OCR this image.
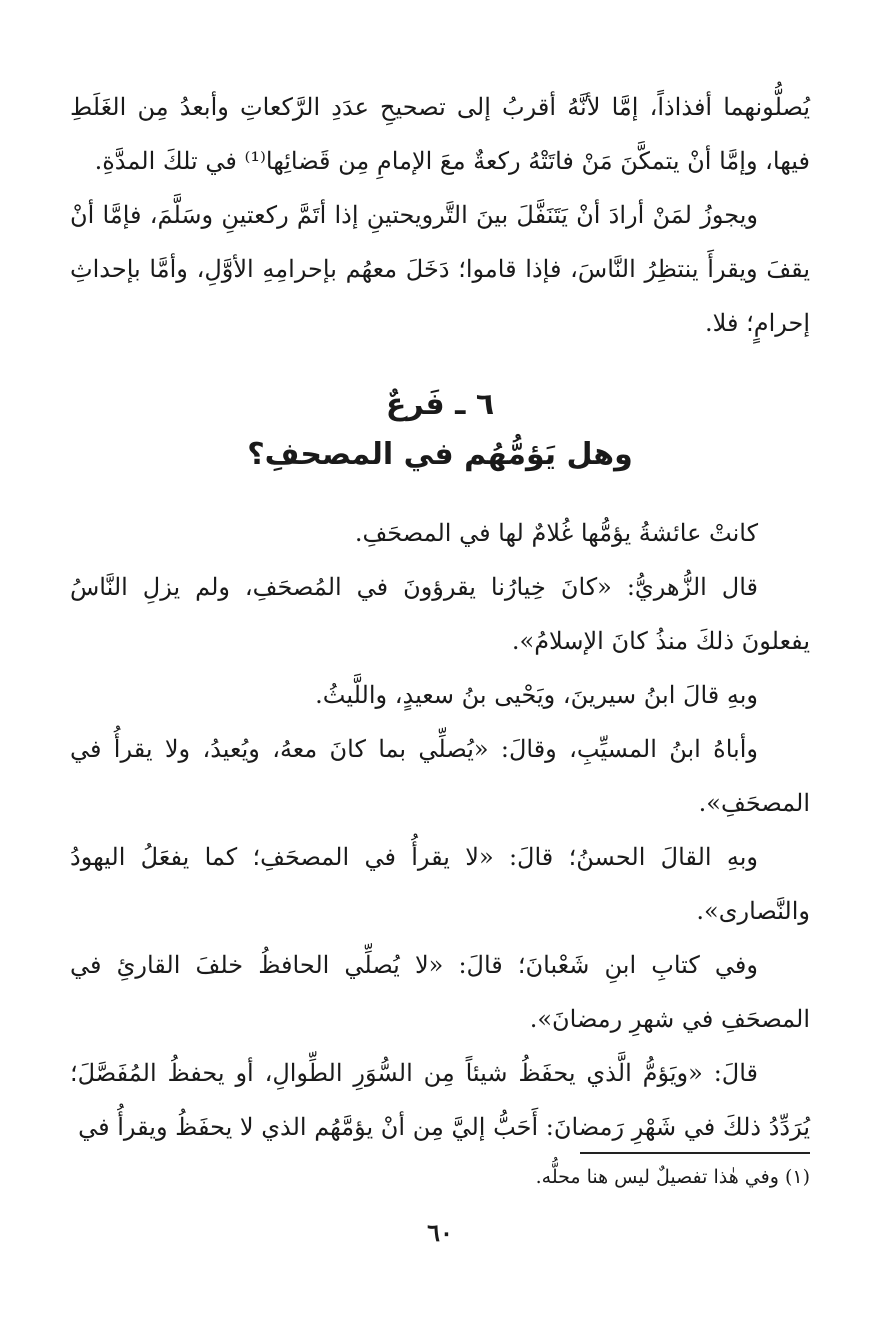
يُصلُّونهما أفذاذاً، إمَّا لأنَّهُ أقربُ إلى تصحيحِ عدَدِ الرَّكعاتِ وأبعدُ مِن الغَلَطِ فيها، وإمَّا أنْ يتمكَّنَ مَنْ فاتَتْهُ ركعةٌ معَ الإمامِ مِن قَضائِها⁽¹⁾ في تلكَ المدَّةِ.

ويجوزُ لمَنْ أرادَ أنْ يَتَنَفَّلَ بينَ التَّرويحتينِ إذا أتَمَّ ركعتينِ وسَلَّمَ، فإمَّا أنْ يقفَ ويقرأَ ينتظِرُ النَّاسَ، فإذا قاموا؛ دَخَلَ معهُم بإحرامِهِ الأوَّلِ، وأمَّا بإحداثِ إحرامٍ؛ فلا.

٦ ـ فَرعٌ
وهل يَؤمُّهُم في المصحفِ؟

كانتْ عائشةُ يؤمُّها غُلامٌ لها في المصحَفِ.

قال الزُّهريُّ: «كانَ خِيارُنا يقرؤونَ في المُصحَفِ، ولم يزلِ النَّاسُ يفعلونَ ذلكَ منذُ كانَ الإسلامُ».

وبهِ قالَ ابنُ سيرينَ، ويَحْيى بنُ سعيدٍ، واللَّيثُ.

وأباهُ ابنُ المسيِّبِ، وقالَ: «يُصلِّي بما كانَ معهُ، ويُعيدُ، ولا يقرأُ في المصحَفِ».

وبهِ القالَ الحسنُ؛ قالَ: «لا يقرأُ في المصحَفِ؛ كما يفعَلُ اليهودُ والنَّصارى».

وفي كتابِ ابنِ شَعْبانَ؛ قالَ: «لا يُصلِّي الحافظُ خلفَ القارئِ في المصحَفِ في شهرِ رمضانَ».

قالَ: «ويَؤمُّ الَّذي يحفَظُ شيئاً مِن السُّوَرِ الطِّوالِ، أو يحفظُ المُفَصَّلَ؛ يُرَدِّدُ ذلكَ في شَهْرِ رَمضانَ: أَحَبُّ إليَّ مِن أنْ يؤمَّهُم الذي لا يحفَظُ ويقرأُ في

(١) وفي هٰذا تفصيلٌ ليس هنا محلُّه.
٦٠
